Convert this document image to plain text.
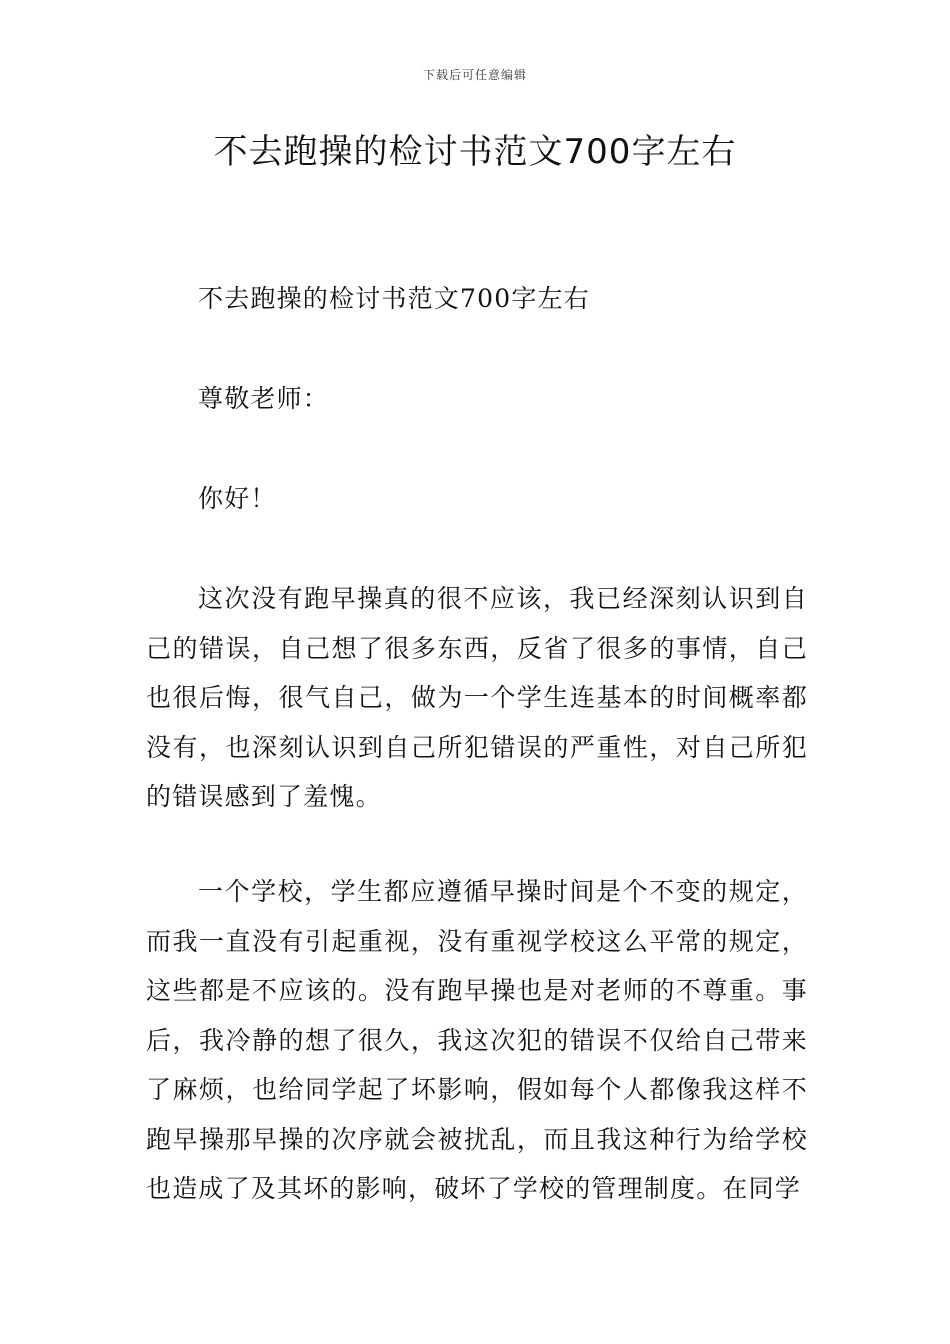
下载后可任意编辑
不去跑操的检讨书范文700字左右

不去跑操的检讨书范文700字左右

尊敬老师：

你好！

这次没有跑早操真的很不应该，我已经深刻认识到自己的错误，自己想了很多东西，反省了很多的事情，自己也很后悔，很气自己，做为一个学生连基本的时间概率都没有，也深刻认识到自己所犯错误的严重性，对自己所犯的错误感到了羞愧。

一个学校，学生都应遵循早操时间是个不变的规定，而我一直没有引起重视，没有重视学校这么平常的规定，这些都是不应该的。没有跑早操也是对老师的不尊重。事后，我冷静的想了很久，我这次犯的错误不仅给自己带来了麻烦，也给同学起了坏影响，假如每个人都像我这样不跑早操那早操的次序就会被扰乱，而且我这种行为给学校也造成了及其坏的影响，破坏了学校的管理制度。在同学
